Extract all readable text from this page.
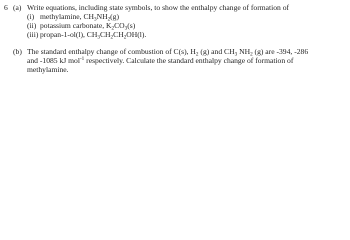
6 (a) Write equations, including state symbols, to show the enthalpy change of formation of
(i) methylamine, $CH_3NH_2(g)$
(ii) potassium carbonate, $K_2CO_3(s)$
(iii) propan-1-ol(l), $CH_3CH_2CH_2OH(l)$.
(b) The standard enthalpy change of combustion of C(s), $H_2$ (g) and $CH_3$ $NH_2$ (g) are -394, -286
and -1085 kJ mol$^{-1}$ respectively. Calculate the standard enthalpy change of formation of
methylamine.
